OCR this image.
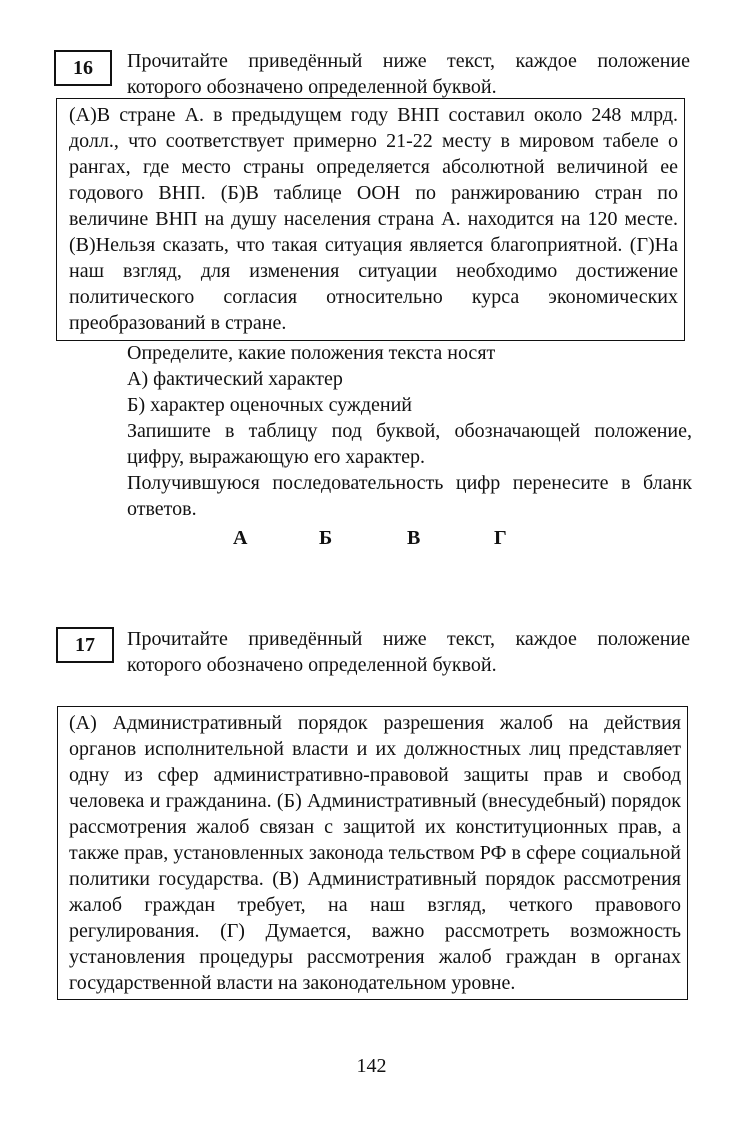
16 Прочитайте приведённый ниже текст, каждое положение которого обозначено определенной буквой.

(А)В стране А. в предыдущем году ВНП составил около 248 млрд. долл., что соответствует примерно 21-22 месту в мировом табеле о рангах, где место страны определяется абсолютной величиной ее годового ВНП. (Б)В таблице ООН по ранжированию стран по величине ВНП на душу населения страна А. находится на 120 месте. (В)Нельзя сказать, что такая ситуация является благоприятной. (Г)На наш взгляд, для изменения ситуации необходимо достижение политического согласия относительно курса экономических преобразований в стране.

Определите, какие положения текста носят

А) фактический характер

Б) характер оценочных суждений

Запишите в таблицу под буквой, обозначающей положение, цифру, выражающую его характер.

Получившуюся последовательность цифр перенесите в бланк ответов.

А	Б	В	Г
17 Прочитайте приведённый ниже текст, каждое положение которого обозначено определенной буквой.

(А) Административный порядок разрешения жалоб на действия органов исполнительной власти и их должностных лиц представляет одну из сфер административно-правовой защиты прав и свобод человека и гражданина. (Б) Административный (внесудебный) порядок рассмотрения жалоб связан с защитой их конституционных прав, а также прав, установленных законода тельством РФ в сфере социальной политики государства. (В) Административный порядок рассмотрения жалоб граждан требует, на наш взгляд, четкого правового регулирования. (Г) Думается, важно рассмотреть возможность установления процедуры рассмотрения жалоб граждан в органах государственной власти на законодательном уровне.

142
